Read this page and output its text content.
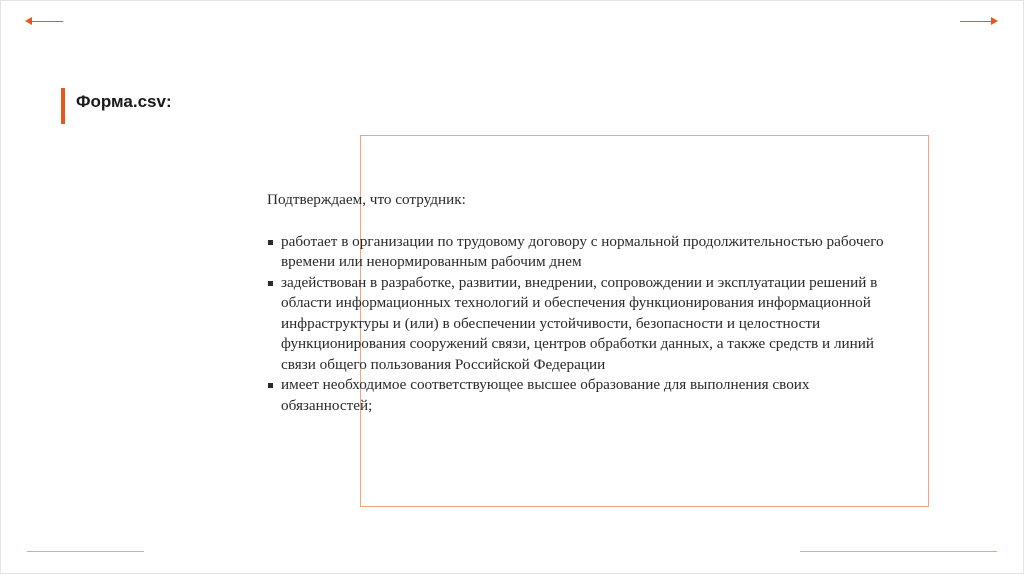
Форма.csv:

Подтверждаем, что сотрудник:

работает в организации по трудовому договору с нормальной продолжительностью рабочего времени или ненормированным рабочим днем
задействован в разработке, развитии, внедрении, сопровождении и эксплуатации решений в области информационных технологий и обеспечения функционирования информационной инфраструктуры и (или) в обеспечении устойчивости, безопасности и целостности функционирования сооружений связи, центров обработки данных, а также средств и линий связи общего пользования Российской Федерации
имеет необходимое соответствующее высшее образование для выполнения своих обязанностей;
